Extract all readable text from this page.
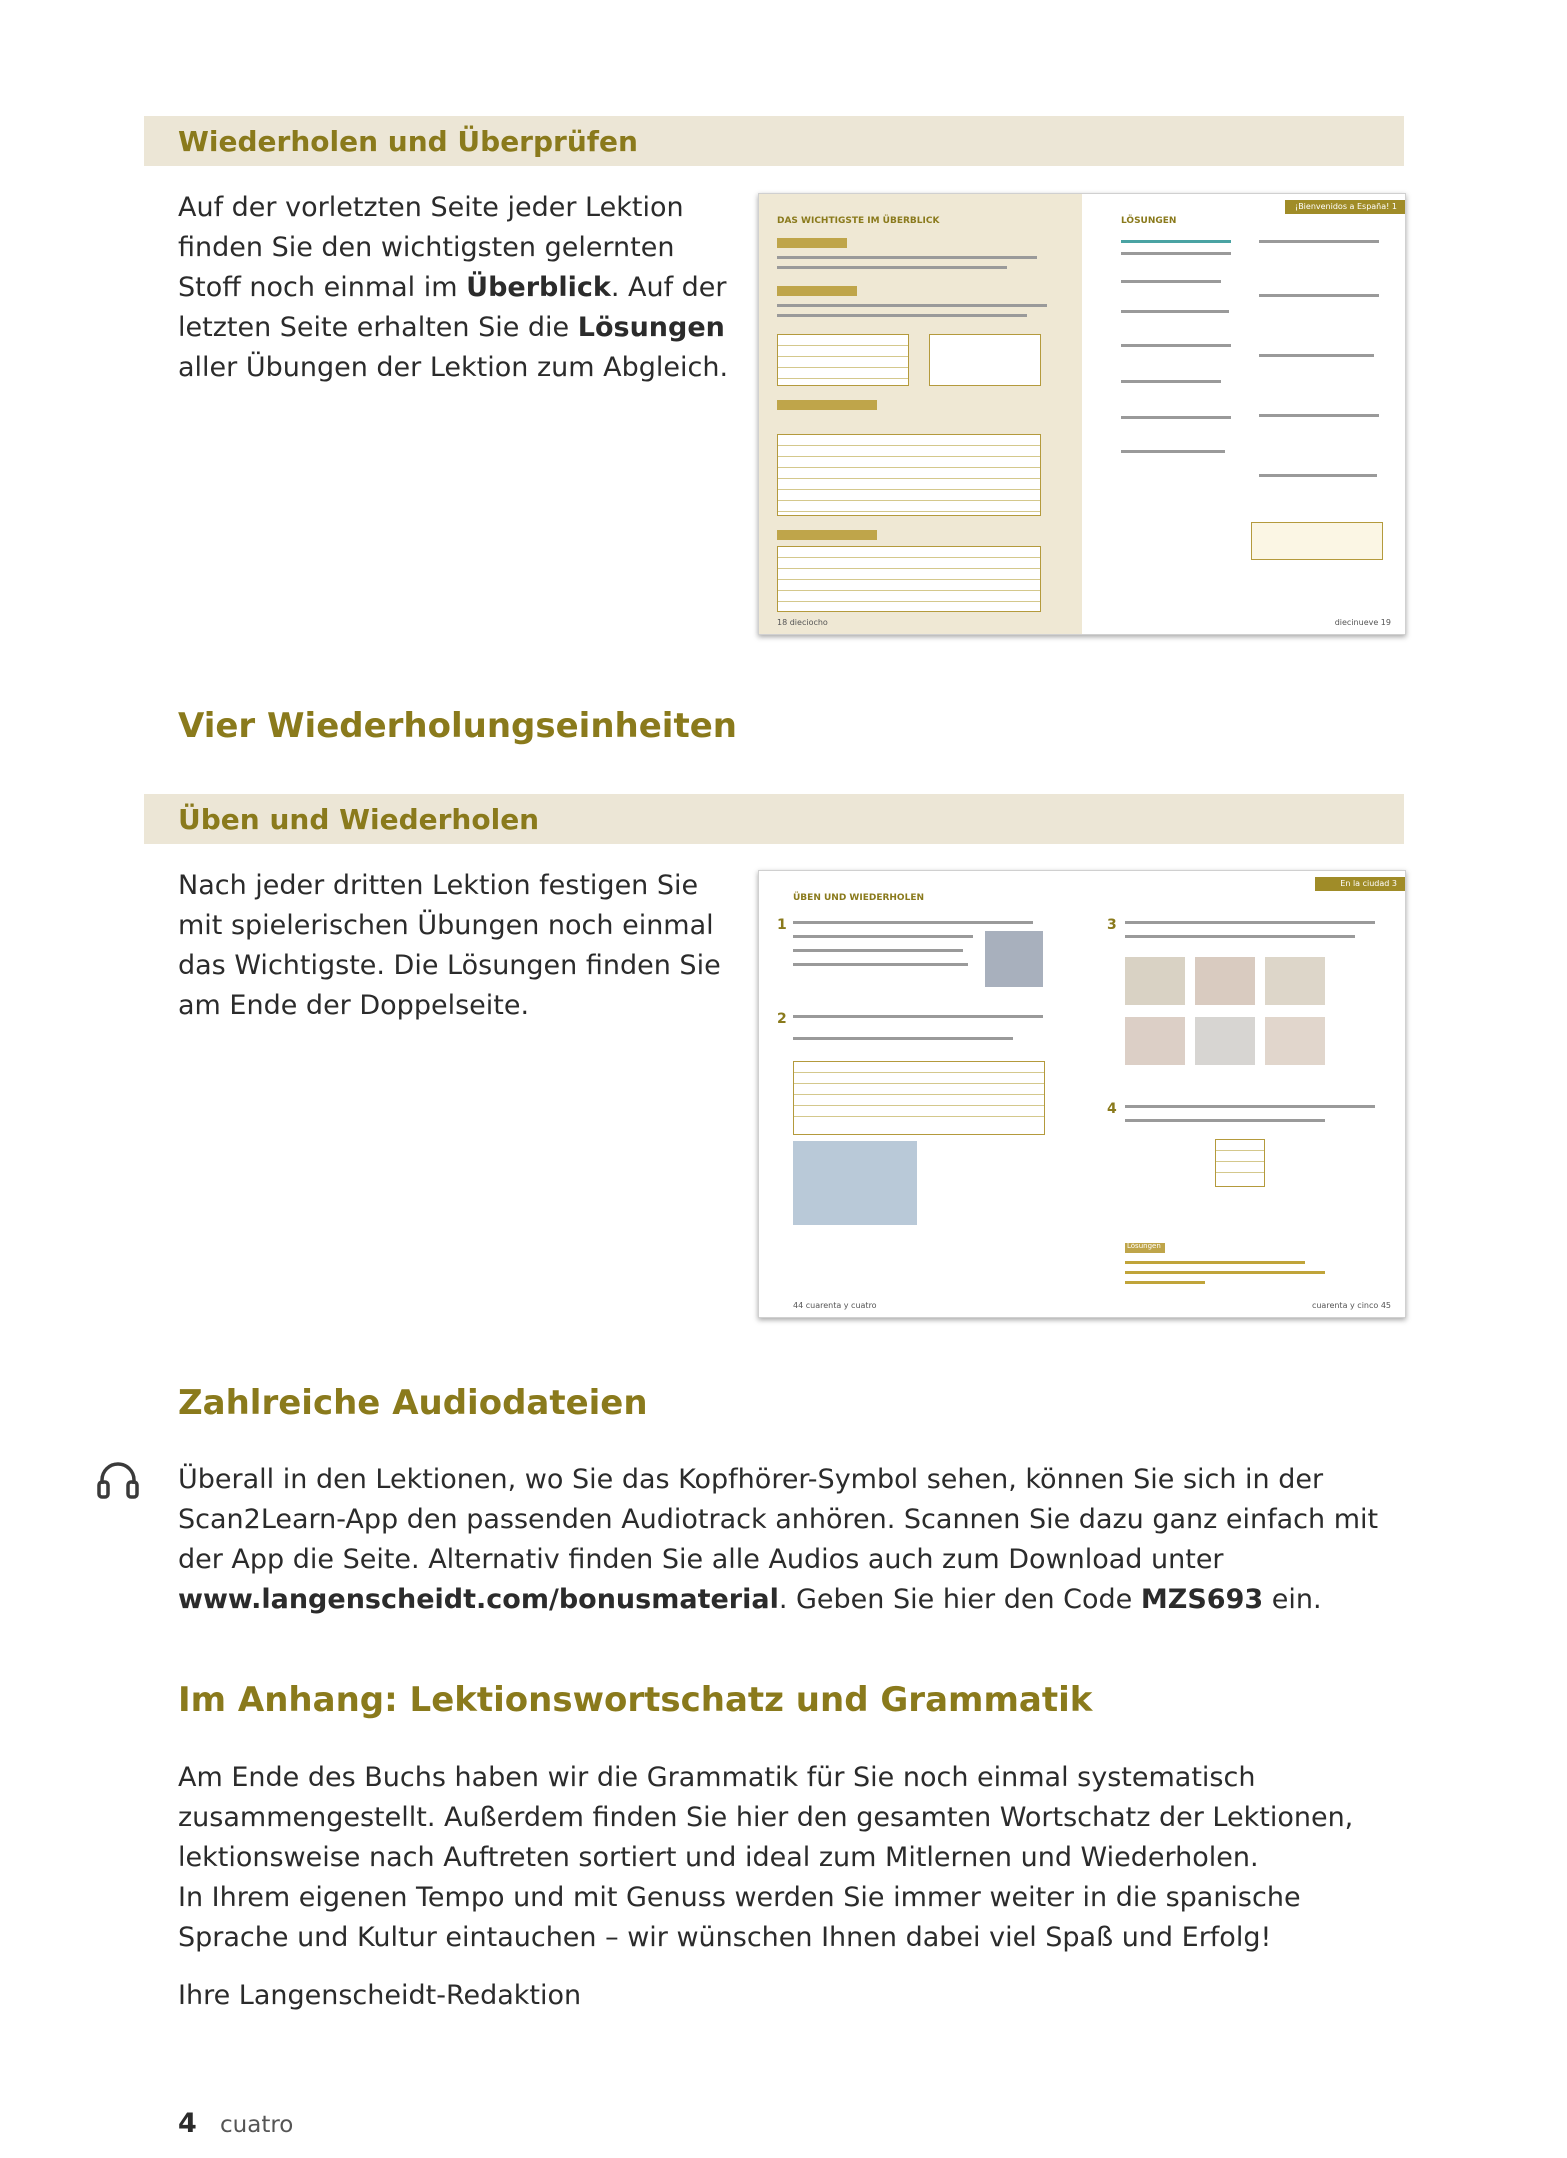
Wiederholen und Überprüfen
Auf der vorletzten Seite jeder Lektion finden Sie den wichtigsten gelernten Stoff noch einmal im Überblick. Auf der letzten Seite erhalten Sie die Lösungen aller Übungen der Lektion zum Abgleich.
¡Bienvenidos a España! 1
DAS WICHTIGSTE IM ÜBERBLICK	LÖSUNGEN
18 dieciocho	diecinueve 19
Vier Wiederholungseinheiten
Üben und Wiederholen
Nach jeder dritten Lektion festigen Sie mit spielerischen Übungen noch einmal das Wichtigste. Die Lösungen finden Sie am Ende der Doppelseite.
En la ciudad 3
ÜBEN UND WIEDERHOLEN
1
2
3
4
Lösungen
44 cuarenta y cuatro	cuarenta y cinco 45
Zahlreiche Audiodateien
Überall in den Lektionen, wo Sie das Kopfhörer-Symbol sehen, können Sie sich in der Scan2Learn-App den passenden Audiotrack anhören. Scannen Sie dazu ganz einfach mit der App die Seite. Alternativ finden Sie alle Audios auch zum Download unter www.langenscheidt.com/bonusmaterial. Geben Sie hier den Code MZS693 ein.
Im Anhang: Lektionswortschatz und Grammatik
Am Ende des Buchs haben wir die Grammatik für Sie noch einmal systematisch zusammengestellt. Außerdem finden Sie hier den gesamten Wortschatz der Lektionen, lektionsweise nach Auftreten sortiert und ideal zum Mitlernen und Wiederholen.
In Ihrem eigenen Tempo und mit Genuss werden Sie immer weiter in die spanische Sprache und Kultur eintauchen – wir wünschen Ihnen dabei viel Spaß und Erfolg!
Ihre Langenscheidt-Redaktion
4 cuatro
